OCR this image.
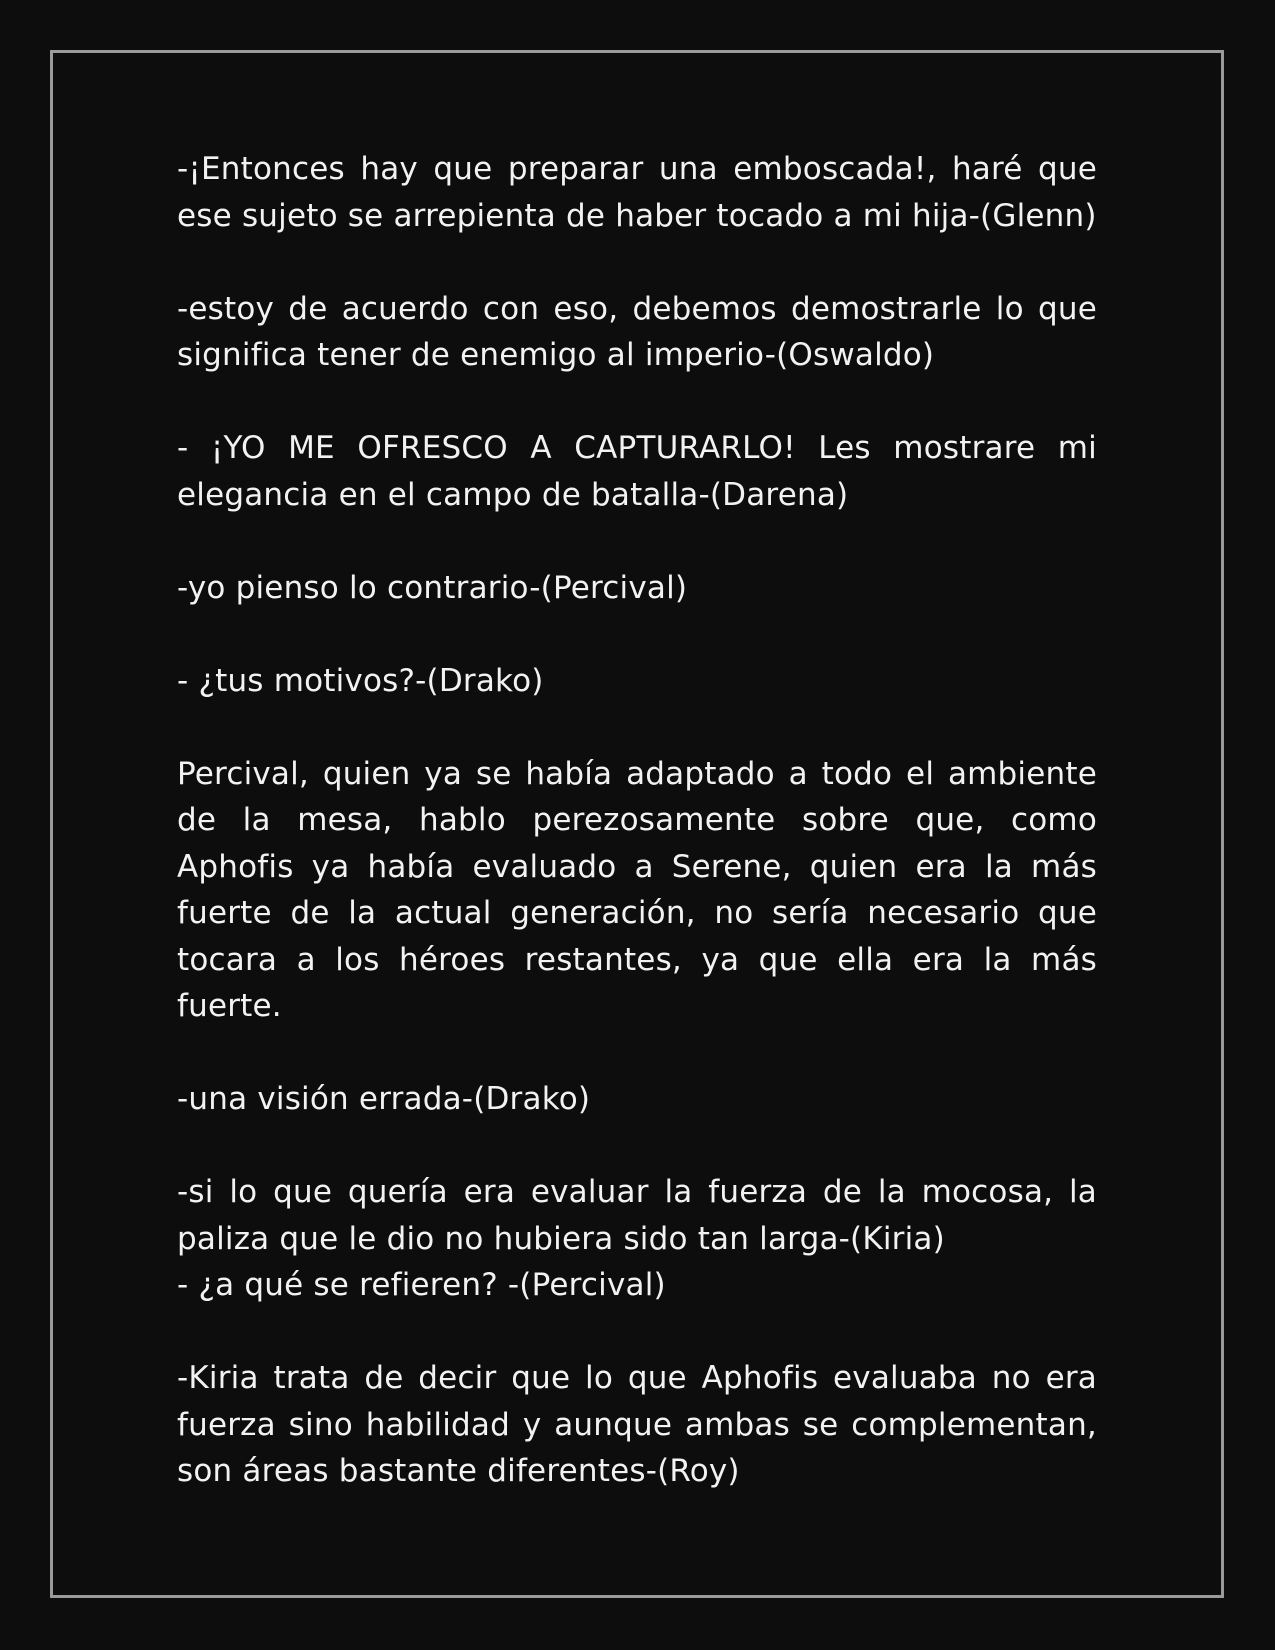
-¡Entonces hay que preparar una emboscada!, haré que ese sujeto se arrepienta de haber tocado a mi hija-(Glenn)

-estoy de acuerdo con eso, debemos demostrarle lo que significa tener de enemigo al imperio-(Oswaldo)

- ¡YO ME OFRESCO A CAPTURARLO! Les mostrare mi elegancia en el campo de batalla-(Darena)

-yo pienso lo contrario-(Percival)

- ¿tus motivos?-(Drako)

Percival, quien ya se había adaptado a todo el ambiente de la mesa, hablo perezosamente sobre que, como Aphofis ya había evaluado a Serene, quien era la más fuerte de la actual generación, no sería necesario que tocara a los héroes restantes, ya que ella era la más fuerte.

-una visión errada-(Drako)

-si lo que quería era evaluar la fuerza de la mocosa, la paliza que le dio no hubiera sido tan larga-(Kiria)

- ¿a qué se refieren? -(Percival)

-Kiria trata de decir que lo que Aphofis evaluaba no era fuerza sino habilidad y aunque ambas se complementan, son áreas bastante diferentes-(Roy)
